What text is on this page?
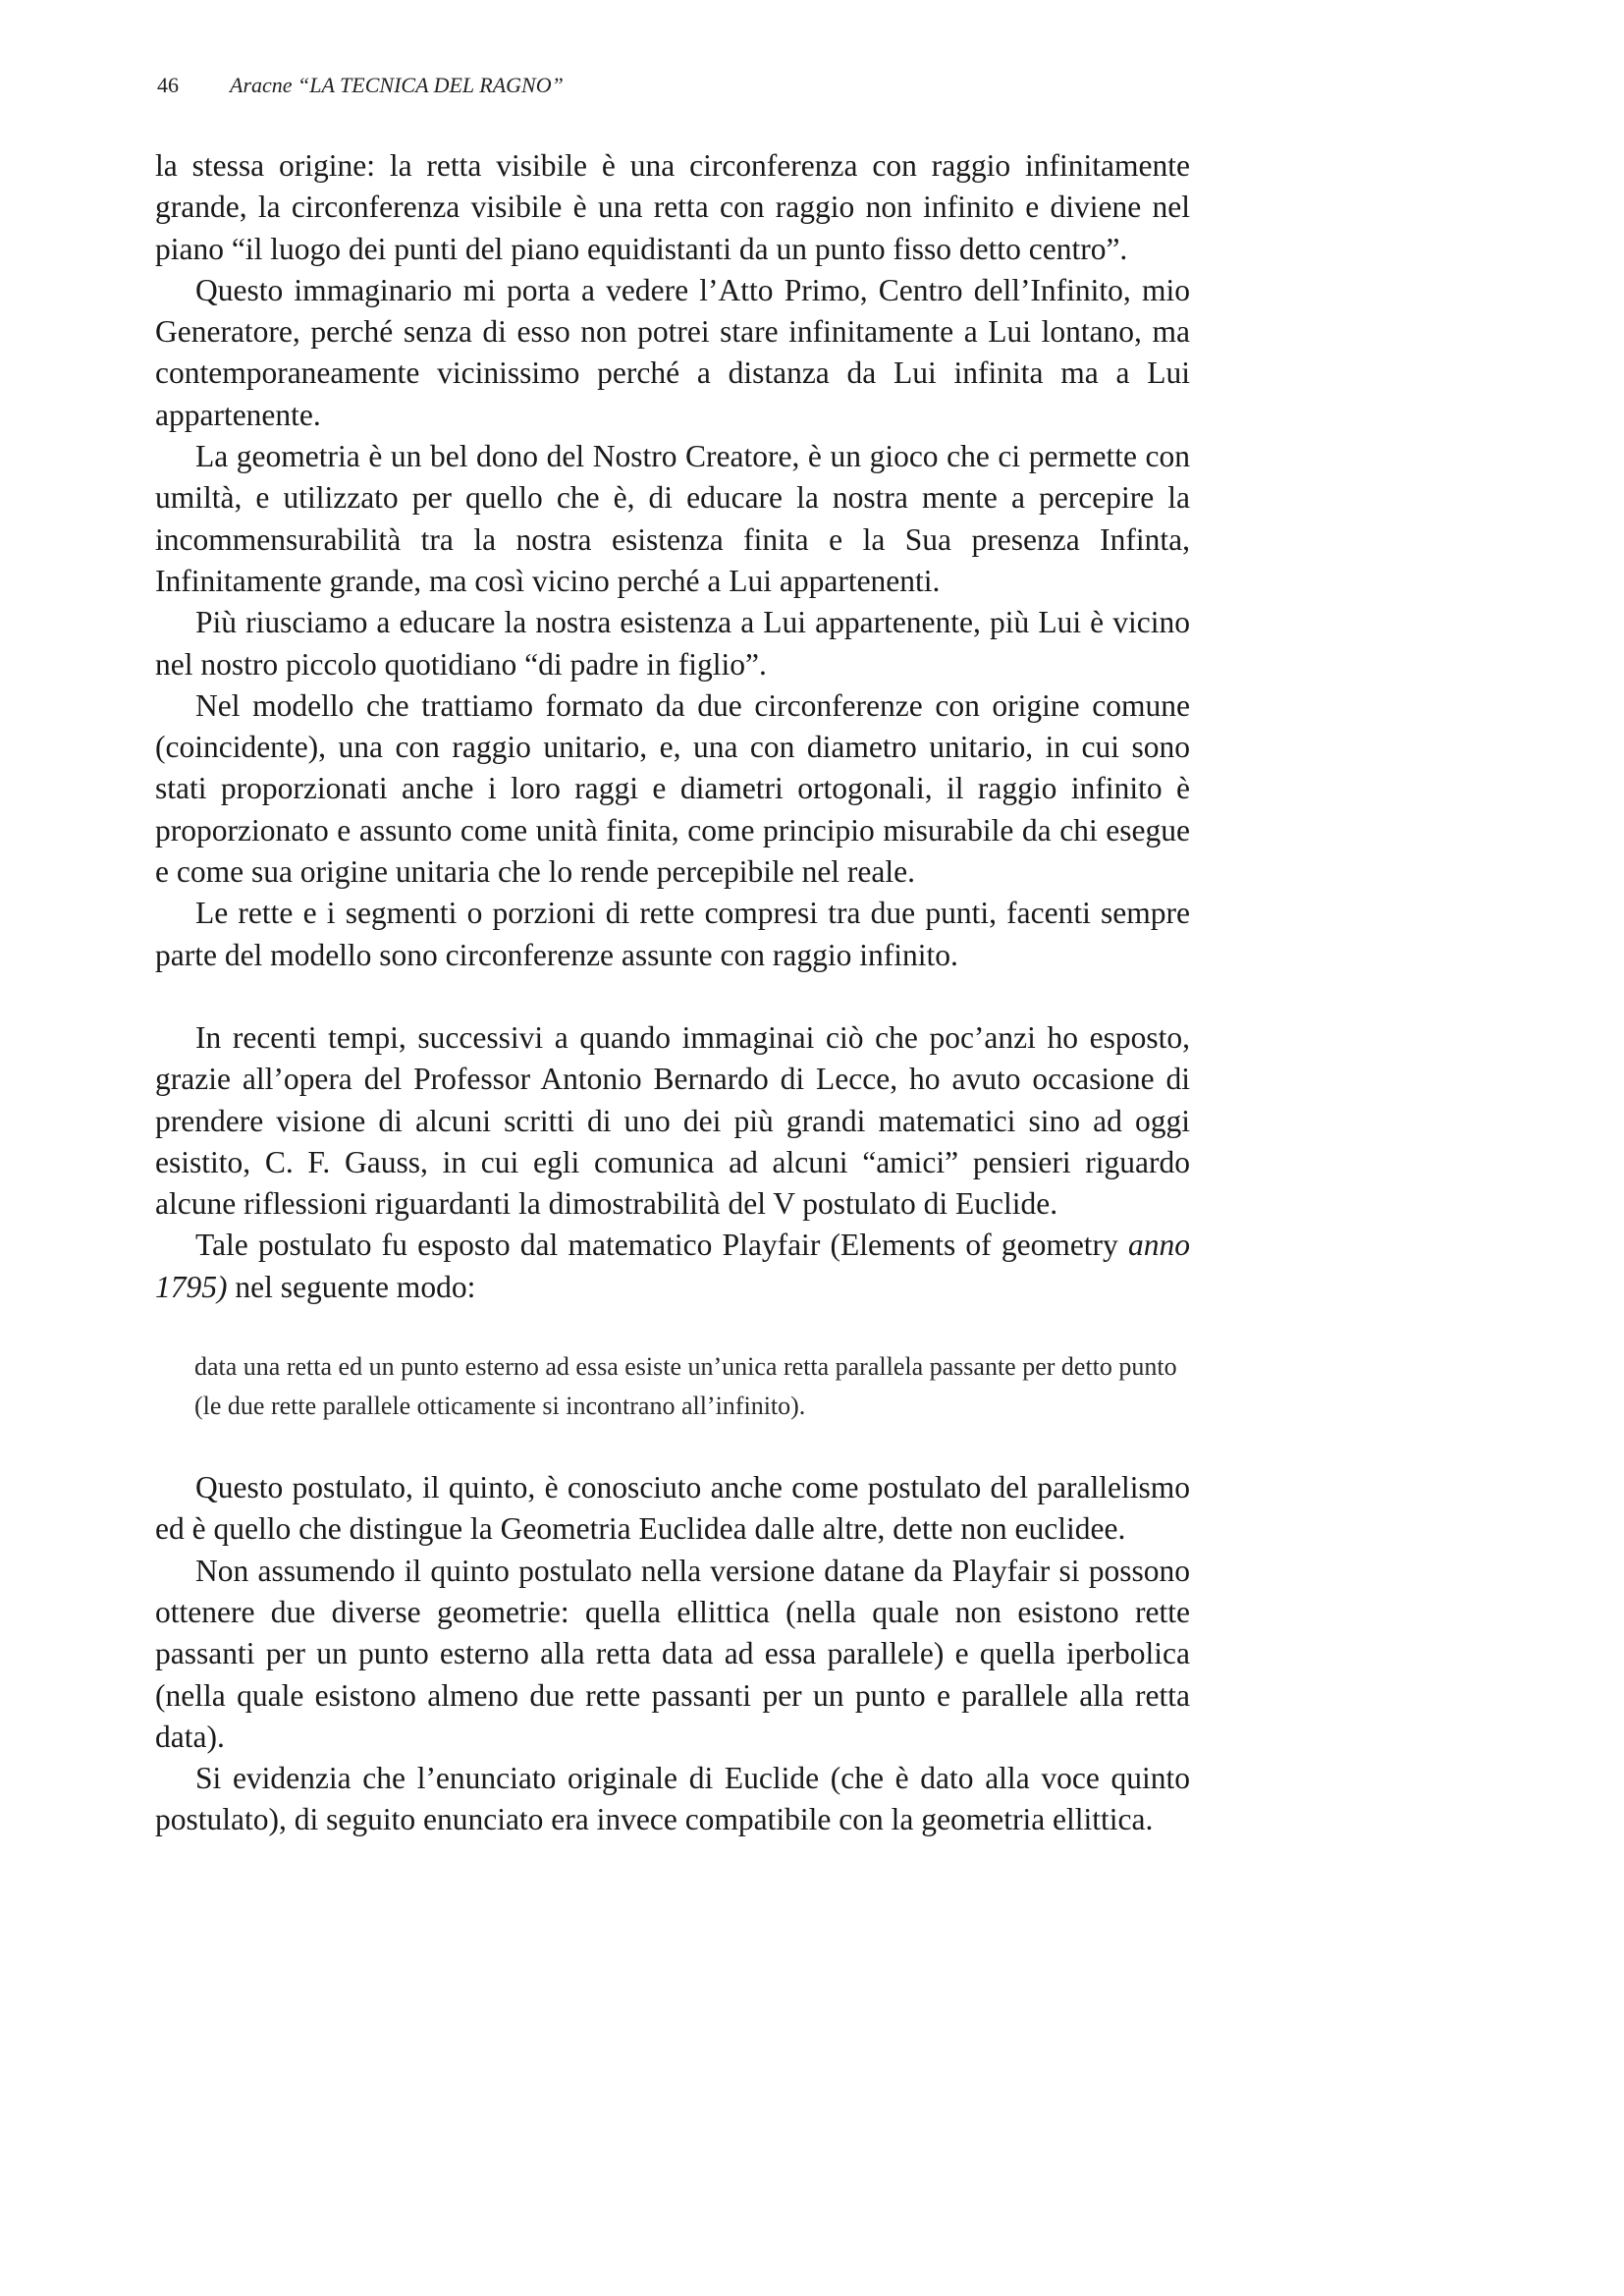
46 Aracne “LA TECNICA DEL RAGNO”

la stessa origine: la retta visibile è una circonferenza con raggio infinitamente grande, la circonferenza visibile è una retta con raggio non infinito e diviene nel piano “il luogo dei punti del piano equidistanti da un punto fisso detto centro”.

Questo immaginario mi porta a vedere l’Atto Primo, Centro dell’Infinito, mio Generatore, perché senza di esso non potrei stare infinitamente a Lui lontano, ma contemporaneamente vicinissimo perché a distanza da Lui infinita ma a Lui appartenente.

La geometria è un bel dono del Nostro Creatore, è un gioco che ci permette con umiltà, e utilizzato per quello che è, di educare la nostra mente a percepire la incommensurabilità tra la nostra esistenza finita e la Sua presenza Infinta, Infinitamente grande, ma così vicino perché a Lui appartenenti.

Più riusciamo a educare la nostra esistenza a Lui appartenente, più Lui è vicino nel nostro piccolo quotidiano “di padre in figlio”.

Nel modello che trattiamo formato da due circonferenze con origine comune (coincidente), una con raggio unitario, e, una con diametro unitario, in cui sono stati proporzionati anche i loro raggi e diametri ortogonali, il raggio infinito è proporzionato e assunto come unità finita, come principio misurabile da chi esegue e come sua origine unitaria che lo rende percepibile nel reale.

Le rette e i segmenti o porzioni di rette compresi tra due punti, facenti sempre parte del modello sono circonferenze assunte con raggio infinito.

In recenti tempi, successivi a quando immaginai ciò che poc’anzi ho esposto, grazie all’opera del Professor Antonio Bernardo di Lecce, ho avuto occasione di prendere visione di alcuni scritti di uno dei più grandi matematici sino ad oggi esistito, C. F. Gauss, in cui egli comunica ad alcuni “amici” pensieri riguardo alcune riflessioni riguardanti la dimostrabilità del V postulato di Euclide.

Tale postulato fu esposto dal matematico Playfair (Elements of geometry anno 1795) nel seguente modo:

data una retta ed un punto esterno ad essa esiste un’unica retta parallela passante per detto punto (le due rette parallele otticamente si incontrano all’infinito).

Questo postulato, il quinto, è conosciuto anche come postulato del parallelismo ed è quello che distingue la Geometria Euclidea dalle altre, dette non euclidee.

Non assumendo il quinto postulato nella versione datane da Playfair si possono ottenere due diverse geometrie: quella ellittica (nella quale non esistono rette passanti per un punto esterno alla retta data ad essa parallele) e quella iperbolica (nella quale esistono almeno due rette passanti per un punto e parallele alla retta data).

Si evidenzia che l’enunciato originale di Euclide (che è dato alla voce quinto postulato), di seguito enunciato era invece compatibile con la geometria ellittica.
